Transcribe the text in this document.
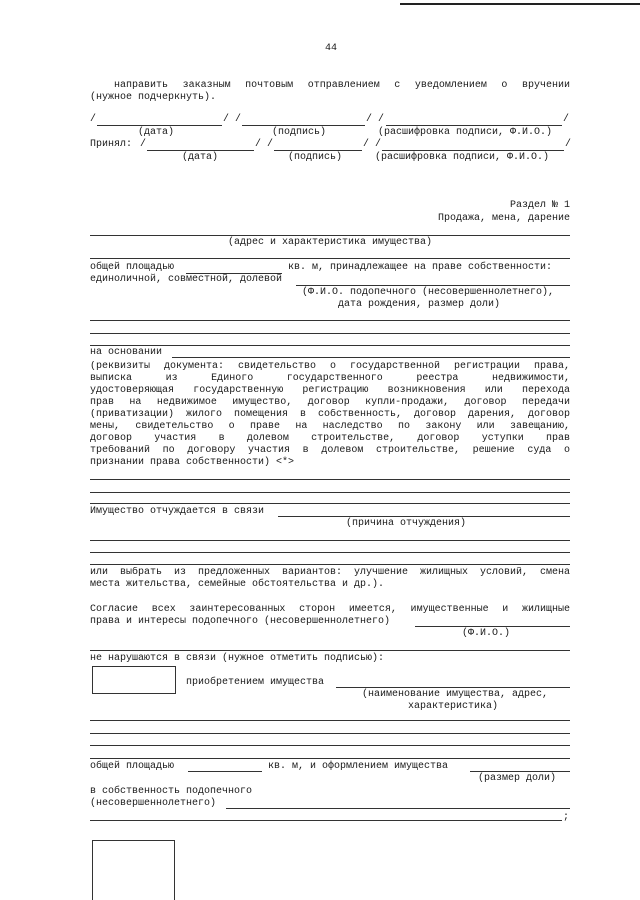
44
направить заказным почтовым отправлением с уведомлением о вручении
(нужное подчеркнуть).
/	/ /	/ /	/
(дата)	(подпись)	(расшифровка подписи, Ф.И.О.)
Принял: /	/ /	/ /	/
(дата)	(подпись)	(расшифровка подписи, Ф.И.О.)
Раздел № 1
Продажа, мена, дарение
(адрес и характеристика имущества)
общей площадью	кв. м, принадлежащее на праве собственности:
единоличной, совместной, долевой
(Ф.И.О. подопечного (несовершеннолетнего),
дата рождения, размер доли)
на основании
(реквизиты документа: свидетельство о государственной регистрации права,
выписка из Единого государственного реестра недвижимости,
удостоверяющая государственную регистрацию возникновения или перехода
прав на недвижимое имущество, договор купли-продажи, договор передачи
(приватизации) жилого помещения в собственность, договор дарения, договор
мены, свидетельство о праве на наследство по закону или завещанию,
договор участия в долевом строительстве, договор уступки прав
требований по договору участия в долевом строительстве, решение суда о
признании права собственности) <*>
Имущество отчуждается в связи
(причина отчуждения)
или выбрать из предложенных вариантов: улучшение жилищных условий, смена
места жительства, семейные обстоятельства и др.).
Согласие всех заинтересованных сторон имеется, имущественные и жилищные
права и интересы подопечного (несовершеннолетнего)
(Ф.И.О.)
не нарушаются в связи (нужное отметить подписью):
приобретением имущества
(наименование имущества, адрес,
характеристика)
общей площадью	кв. м, и оформлением имущества
(размер доли)
в собственность подопечного
(несовершеннолетнего)
;
